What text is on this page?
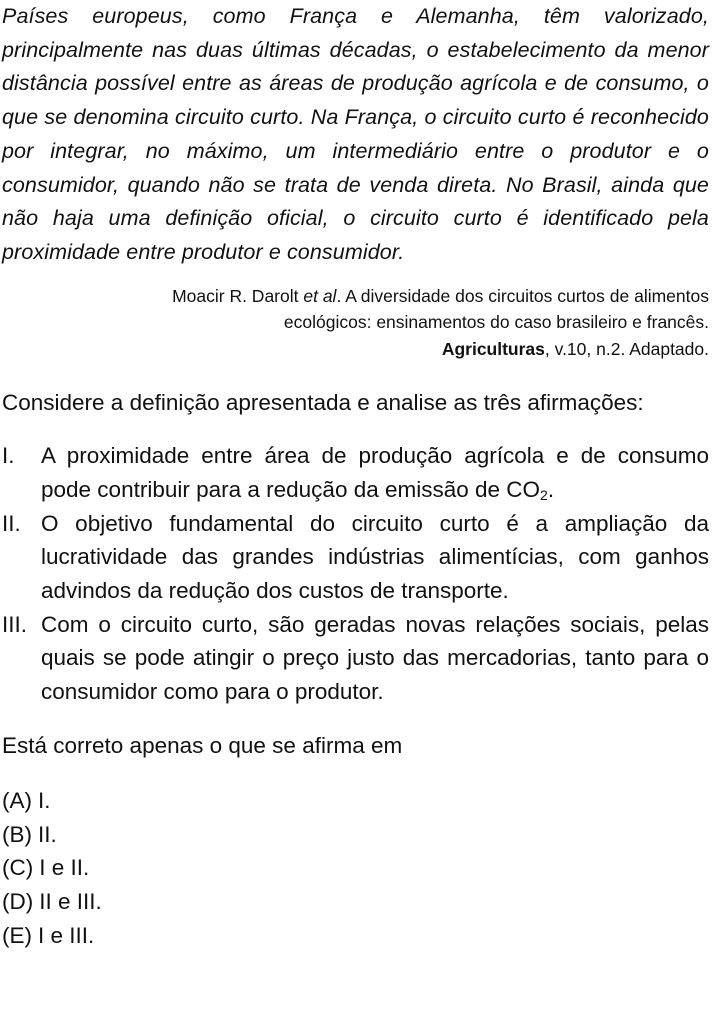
Países europeus, como França e Alemanha, têm valorizado, principalmente nas duas últimas décadas, o estabelecimento da menor distância possível entre as áreas de produção agrícola e de consumo, o que se denomina circuito curto. Na França, o circuito curto é reconhecido por integrar, no máximo, um intermediário entre o produtor e o consumidor, quando não se trata de venda direta. No Brasil, ainda que não haja uma definição oficial, o circuito curto é identificado pela proximidade entre produtor e consumidor.

Moacir R. Darolt et al. A diversidade dos circuitos curtos de alimentos
ecológicos: ensinamentos do caso brasileiro e francês.
Agriculturas, v.10, n.2. Adaptado.
Considere a definição apresentada e analise as três afirmações:
I.	A proximidade entre área de produção agrícola e de consumo pode contribuir para a redução da emissão de $CO_2$.
II. O objetivo fundamental do circuito curto é a ampliação da lucratividade das grandes indústrias alimentícias, com ganhos advindos da redução dos custos de transporte.
III. Com o circuito curto, são geradas novas relações sociais, pelas quais se pode atingir o preço justo das mercadorias, tanto para o consumidor como para o produtor.
Está correto apenas o que se afirma em
(A) I.
(B) II.
(C) I e II.
(D) II e III.
(E) I e III.
